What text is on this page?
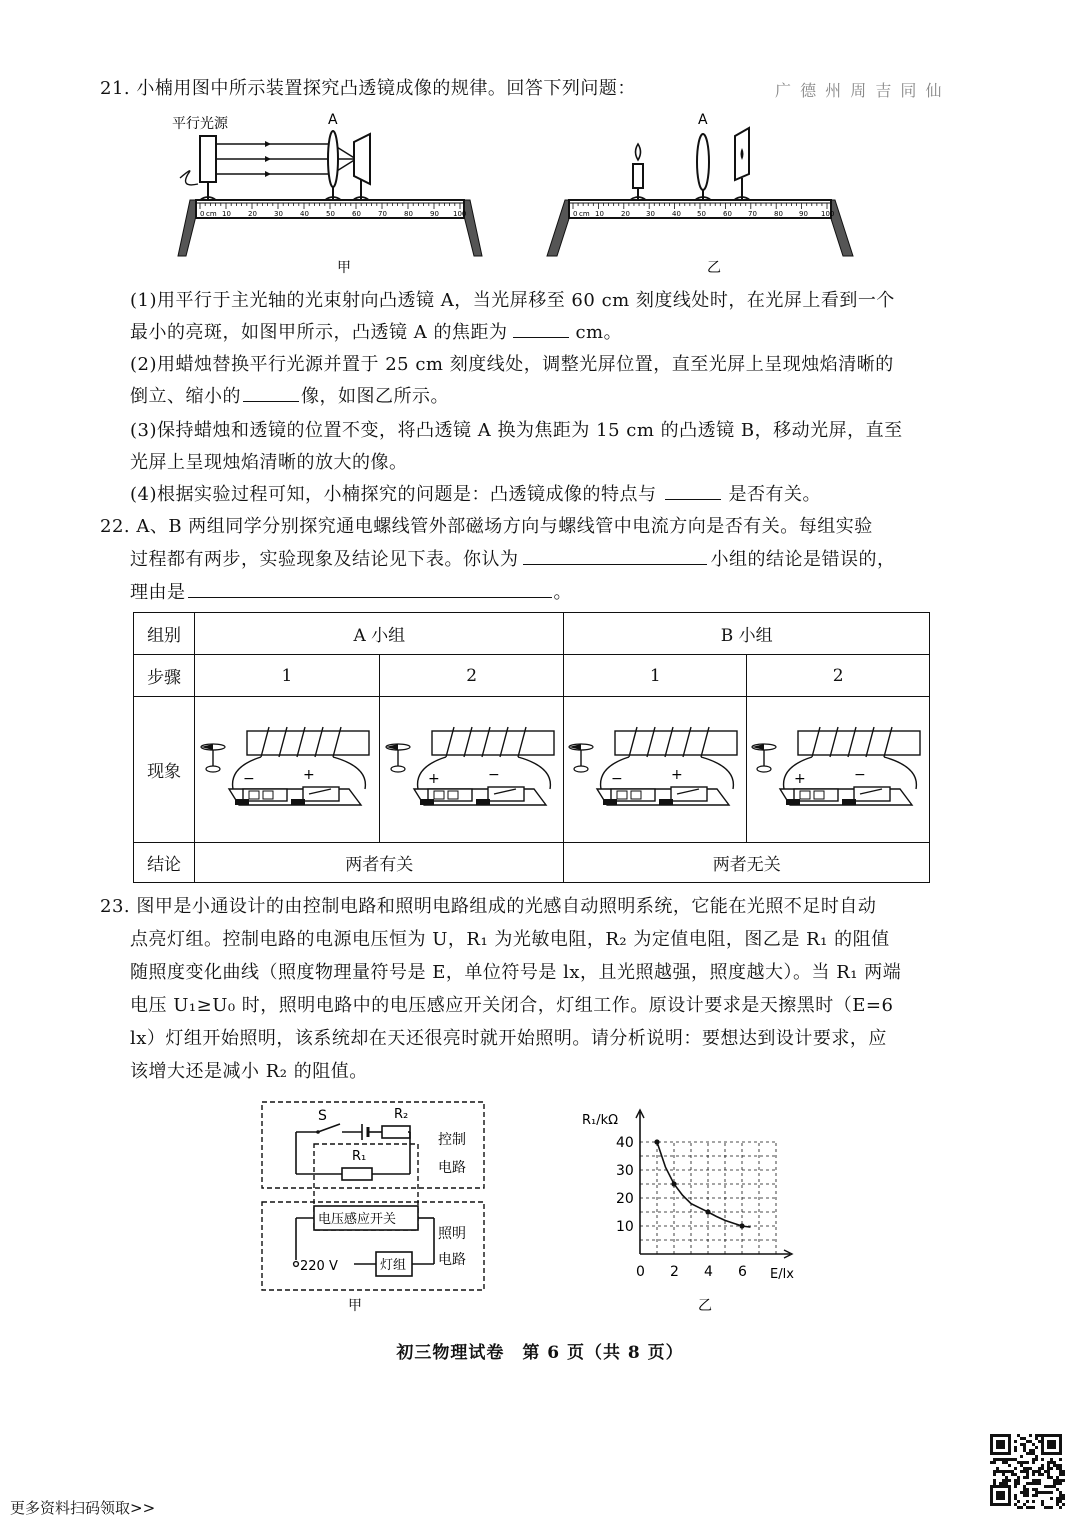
广 德 州 周 吉 同 仙
21. 小楠用图中所示装置探究凸透镜成像的规律。回答下列问题：
平行光源	A
0 cm 10 20 30 40 50 60 70 80 90 100
甲
A
0 cm 10 20 30 40 50 60 70 80 90 100
乙
(1)用平行于主光轴的光束射向凸透镜 A，当光屏移至 60 cm 刻度线处时，在光屏上看到一个
最小的亮斑，如图甲所示，凸透镜 A 的焦距为	cm。
(2)用蜡烛替换平行光源并置于 25 cm 刻度线处，调整光屏位置，直至光屏上呈现烛焰清晰的
倒立、缩小的	像，如图乙所示。
(3)保持蜡烛和透镜的位置不变，将凸透镜 A 换为焦距为 15 cm 的凸透镜 B，移动光屏，直至
光屏上呈现烛焰清晰的放大的像。
(4)根据实验过程可知，小楠探究的问题是：凸透镜成像的特点与	是否有关。
22. A、B 两组同学分别探究通电螺线管外部磁场方向与螺线管中电流方向是否有关。每组实验
过程都有两步，实验现象及结论见下表。你认为	小组的结论是错误的，
理由是	。
组别	A 小组		B 小组	
步骤	1	2	1	2
现象	− +	+ −	− +	+ −

结论	两者有关		两者无关	
23. 图甲是小通设计的由控制电路和照明电路组成的光感自动照明系统，它能在光照不足时自动
点亮灯组。控制电路的电源电压恒为 U，R₁ 为光敏电阻，R₂ 为定值电阻，图乙是 R₁ 的阻值
随照度变化曲线（照度物理量符号是 E，单位符号是 lx，且光照越强，照度越大）。当 R₁ 两端
电压 U₁≥U₀ 时，照明电路中的电压感应开关闭合，灯组工作。原设计要求是天擦黑时（E=6
lx）灯组开始照明，该系统却在天还很亮时就开始照明。请分析说明：要想达到设计要求，应
该增大还是减小 R₂ 的阻值。
S	R₂
R₁
控制
电路
电压感应开关
220 V	灯组
照明
电路
甲
R₁/kΩ
E/lx
10
20
30
40
0 2 4 6
乙
初三物理试卷　第 6 页（共 8 页）
更多资料扫码领取>>
